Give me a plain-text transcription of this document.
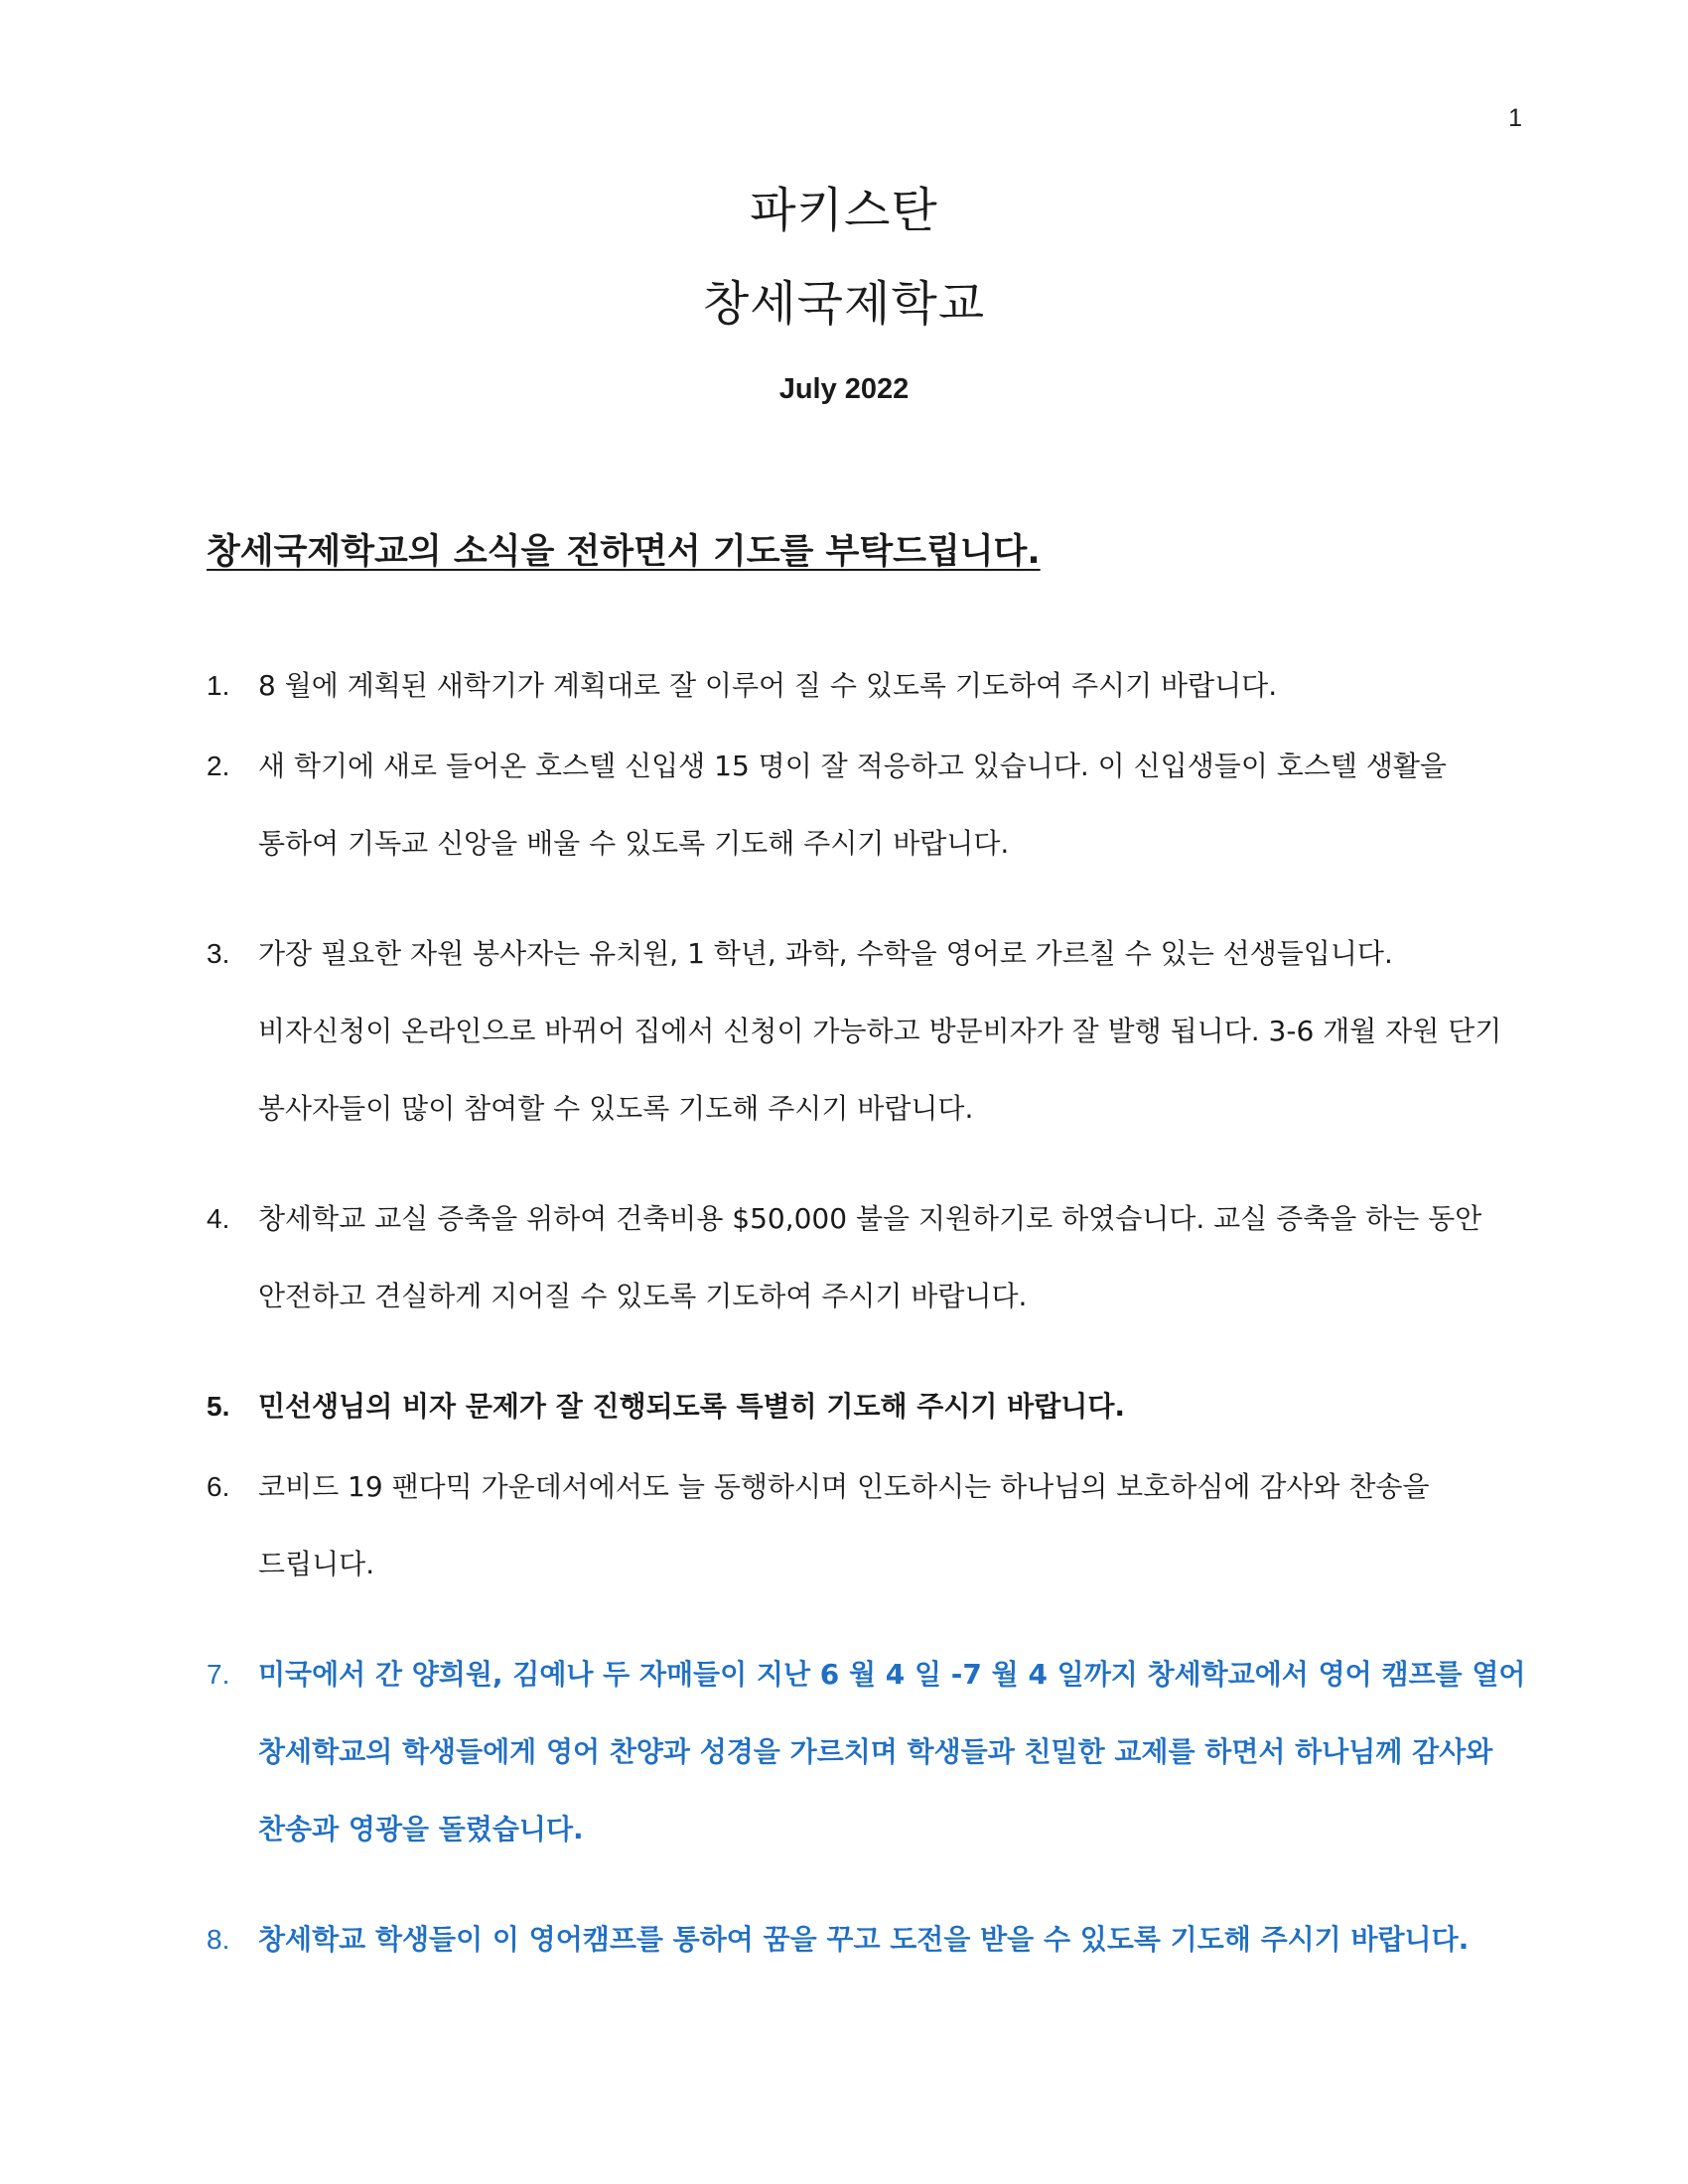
1
파키스탄
창세국제학교
July 2022
창세국제학교의 소식을 전하면서 기도를 부탁드립니다.
1.	8 월에 계획된 새학기가 계획대로 잘 이루어 질 수 있도록 기도하여 주시기 바랍니다.
2.	새 학기에 새로 들어온 호스텔 신입생 15 명이 잘 적응하고 있습니다. 이 신입생들이 호스텔 생활을 통하여 기독교 신앙을 배울 수 있도록 기도해 주시기 바랍니다.
3.	가장 필요한 자원 봉사자는 유치원, 1 학년, 과학, 수학을 영어로 가르칠 수 있는 선생들입니다. 비자신청이 온라인으로 바뀌어 집에서 신청이 가능하고 방문비자가 잘 발행 됩니다. 3-6 개월 자원 단기 봉사자들이 많이 참여할 수 있도록 기도해 주시기 바랍니다.
4.	창세학교 교실 증축을 위하여 건축비용 $50,000 불을 지원하기로 하였습니다. 교실 증축을 하는 동안 안전하고 견실하게 지어질 수 있도록 기도하여 주시기 바랍니다.
5.	민선생님의 비자 문제가 잘 진행되도록 특별히 기도해 주시기 바랍니다.
6.	코비드 19 팬다믹 가운데서에서도 늘 동행하시며 인도하시는 하나님의 보호하심에 감사와 찬송을 드립니다.
7.	미국에서 간 양희원, 김예나 두 자매들이 지난 6 월 4 일 -7 월 4 일까지 창세학교에서 영어 캠프를 열어 창세학교의 학생들에게 영어 찬양과 성경을 가르치며 학생들과 친밀한 교제를 하면서 하나님께 감사와 찬송과 영광을 돌렸습니다.
8.	창세학교 학생들이 이 영어캠프를 통하여 꿈을 꾸고 도전을 받을 수 있도록 기도해 주시기 바랍니다.
